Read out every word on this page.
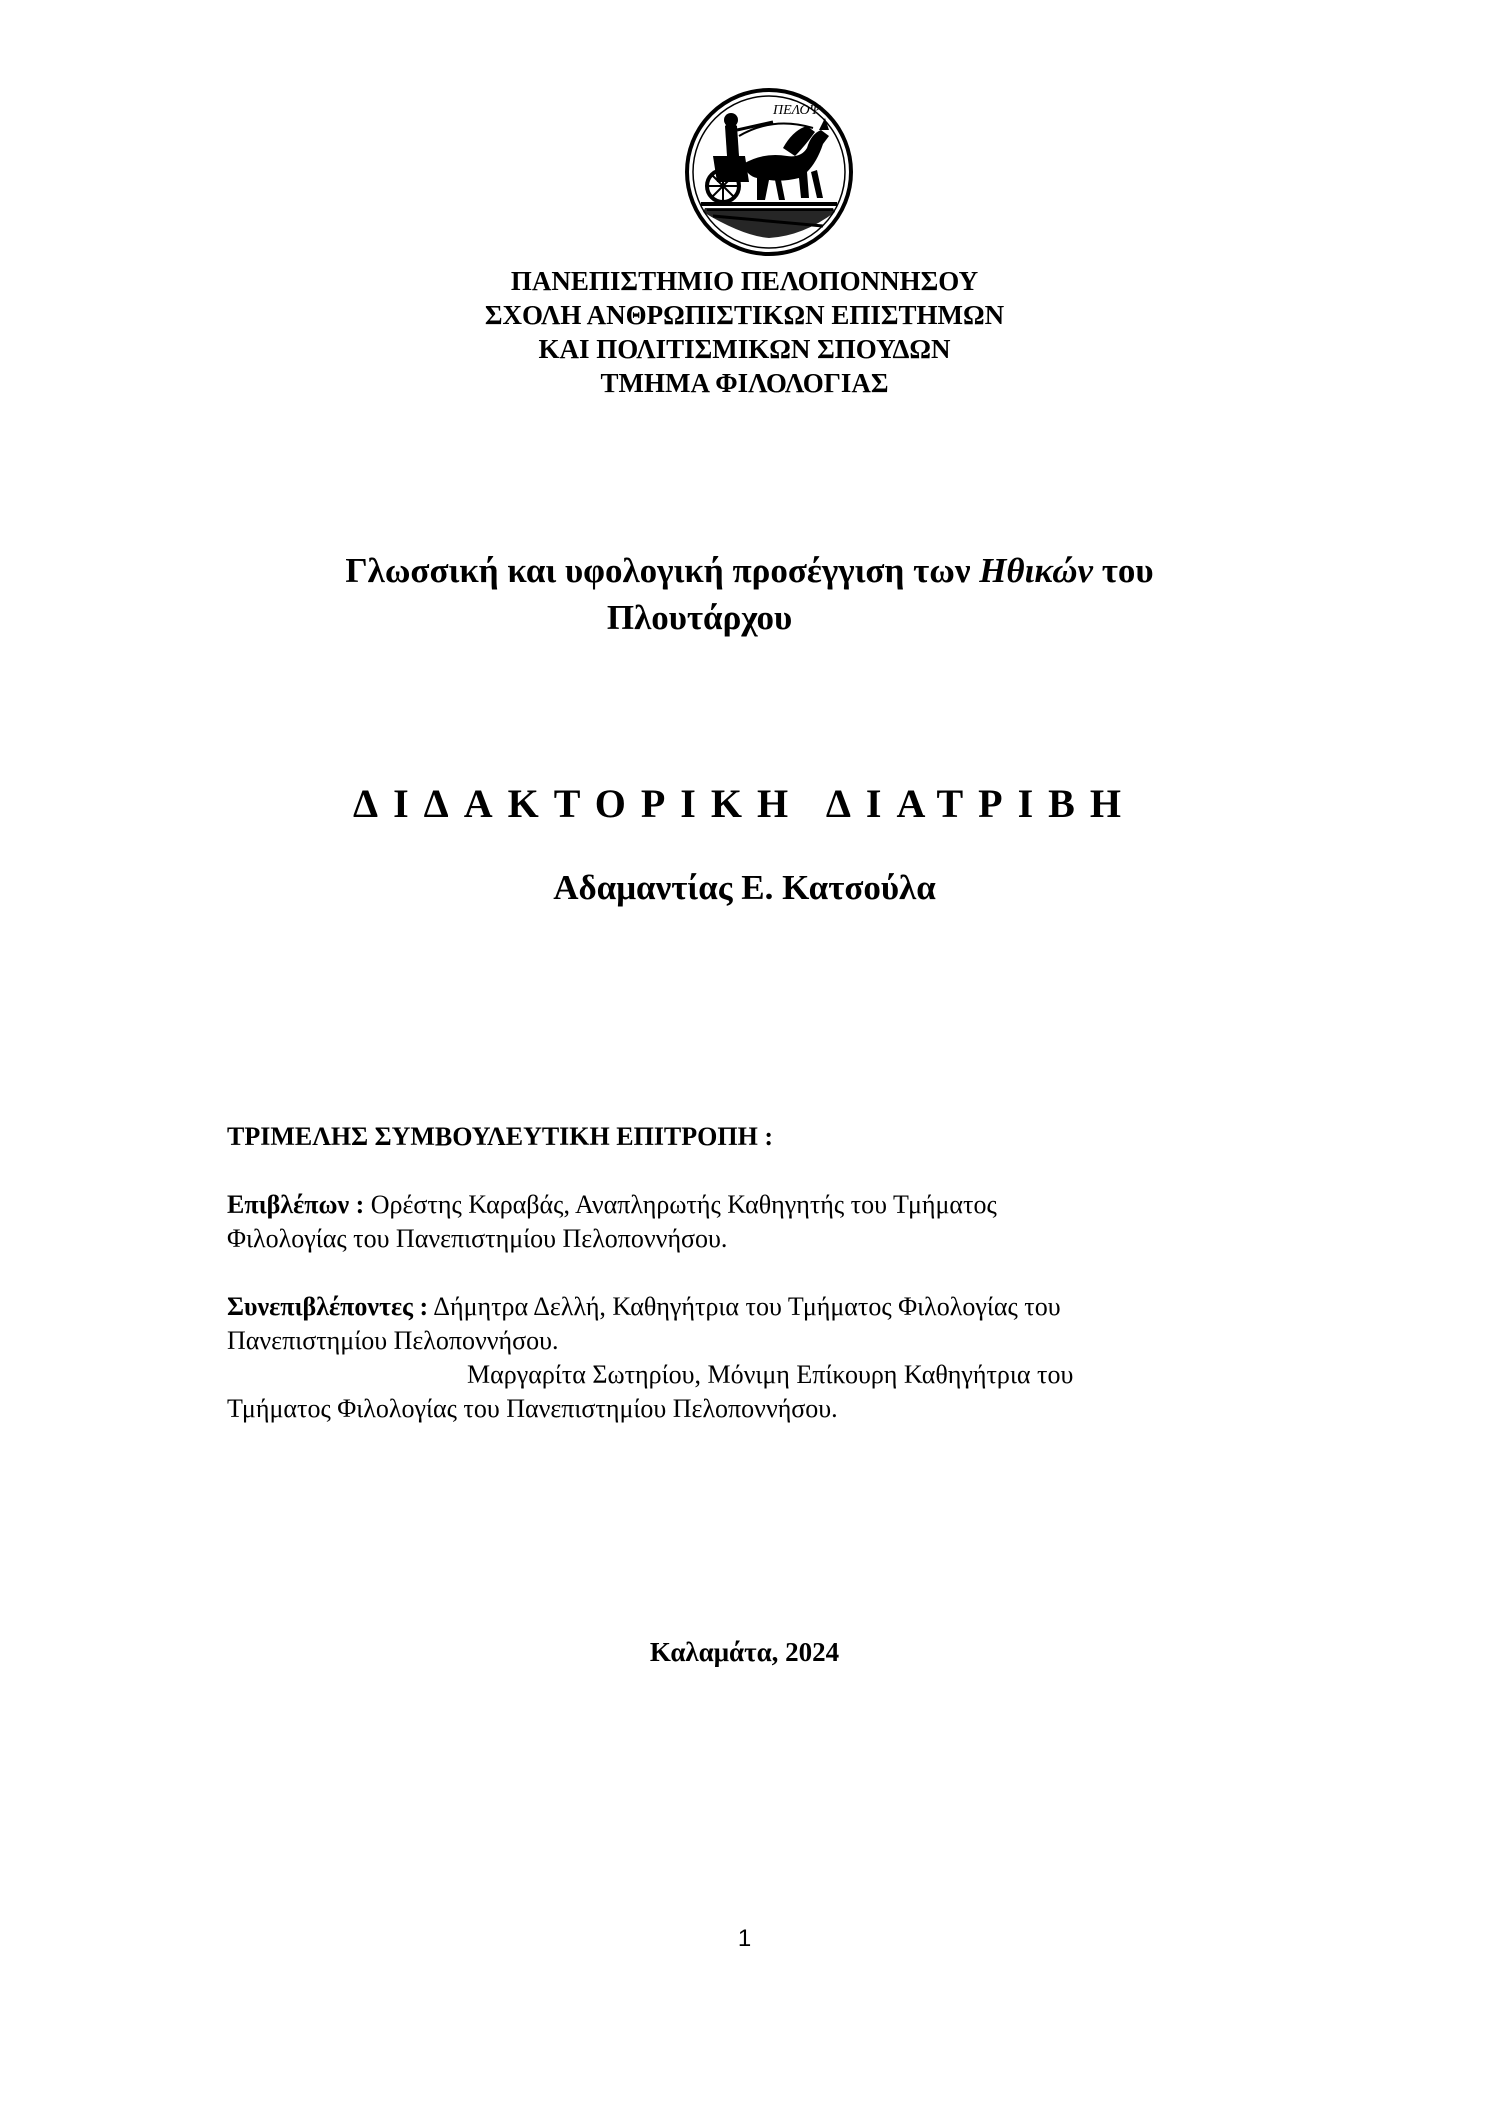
ΠΕΛΟΨ
ΠΑΝΕΠΙΣΤΗΜΙΟ ΠΕΛΟΠΟΝΝΗΣΟΥ
ΣΧΟΛΗ ΑΝΘΡΩΠΙΣΤΙΚΩΝ ΕΠΙΣΤΗΜΩΝ
ΚΑΙ ΠΟΛΙΤΙΣΜΙΚΩΝ ΣΠΟΥΔΩΝ
ΤΜΗΜΑ ΦΙΛΟΛΟΓΙΑΣ
Γλωσσική και υφολογική προσέγγιση των Ηθικών του
Πλουτάρχου
ΔΙΔΑΚΤΟΡΙΚΗ ΔΙΑΤΡΙΒΗ
Αδαμαντίας Ε. Κατσούλα
ΤΡΙΜΕΛΗΣ ΣΥΜΒΟΥΛΕΥΤΙΚΗ ΕΠΙΤΡΟΠΗ :
Επιβλέπων : Ορέστης Καραβάς, Αναπληρωτής Καθηγητής του Τμήματος
Φιλολογίας του Πανεπιστημίου Πελοποννήσου.
Συνεπιβλέποντες : Δήμητρα Δελλή, Καθηγήτρια του Τμήματος Φιλολογίας του
Πανεπιστημίου Πελοποννήσου.
Μαργαρίτα Σωτηρίου, Μόνιμη Επίκουρη Καθηγήτρια του
Τμήματος Φιλολογίας του Πανεπιστημίου Πελοποννήσου.
Καλαμάτα, 2024
1
